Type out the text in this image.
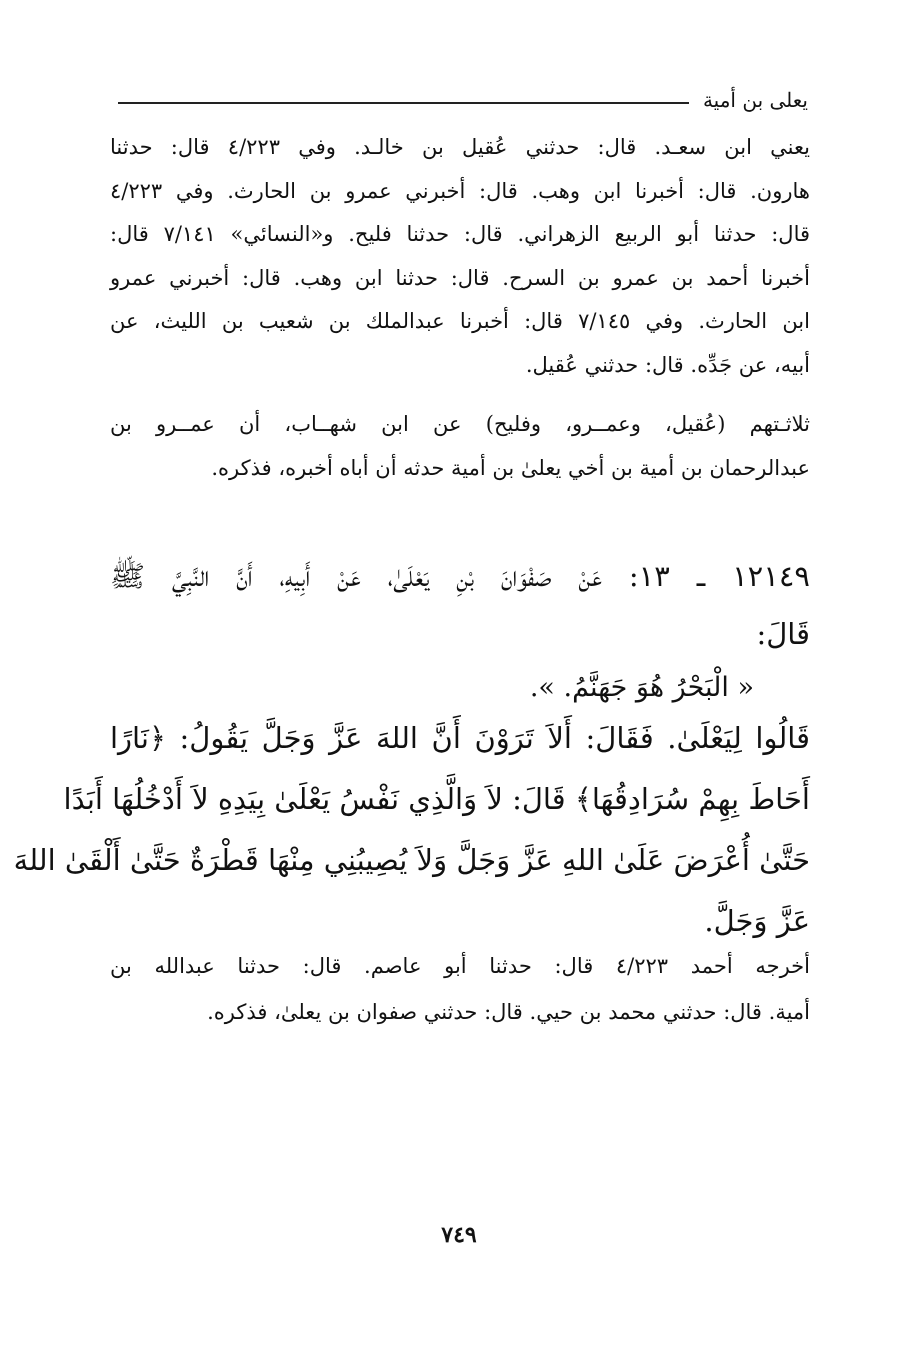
يعلى بن أمية
يعني ابن سعـد. قال: حدثني عُقيل بن خالـد. وفي ٤/٢٢٣ قال: حدثنا
هارون. قال: أخبرنا ابن وهب. قال: أخبرني عمرو بن الحارث. وفي ٤/٢٢٣
قال: حدثنا أبو الربيع الزهراني. قال: حدثنا فليح. و«النسائي» ٧/١٤١ قال:
أخبرنا أحمد بن عمرو بن السرح. قال: حدثنا ابن وهب. قال: أخبرني عمرو
ابن الحارث. وفي ٧/١٤٥ قال: أخبرنا عبدالملك بن شعيب بن الليث، عن
أبيه، عن جَدِّه. قال: حدثني عُقيل.
ثلاثـتهم (عُقيل، وعمــرو، وفليح) عن ابن شهــاب، أن عمــرو بن
عبدالرحمان بن أمية بن أخي يعلىٰ بن أمية حدثه أن أباه أخبره، فذكره.
١٢١٤٩ ـ ١٣: عَنْ صَفْوَانَ بْنِ يَعْلَىٰ، عَنْ أَبِيهِ، أَنَّ النَّبِيَّ ﷺ
قَالَ:
« الْبَحْرُ هُوَ جَهَنَّمُ. ».
قَالُوا لِيَعْلَىٰ. فَقَالَ: أَلاَ تَرَوْنَ أَنَّ اللهَ عَزَّ وَجَلَّ يَقُولُ: ﴿نَارًا
أَحَاطَ بِهِمْ سُرَادِقُهَا﴾ قَالَ: لاَ وَالَّذِي نَفْسُ يَعْلَىٰ بِيَدِهِ لاَ أَدْخُلُهَا أَبَدًا
حَتَّىٰ أُعْرَضَ عَلَىٰ اللهِ عَزَّ وَجَلَّ وَلاَ يُصِيبُنِي مِنْهَا قَطْرَةٌ حَتَّىٰ أَلْقَىٰ اللهَ
عَزَّ وَجَلَّ.
أخرجه أحمد ٤/٢٢٣ قال: حدثنا أبو عاصم. قال: حدثنا عبدالله بن
أمية. قال: حدثني محمد بن حيي. قال: حدثني صفوان بن يعلىٰ، فذكره.
٧٤٩
